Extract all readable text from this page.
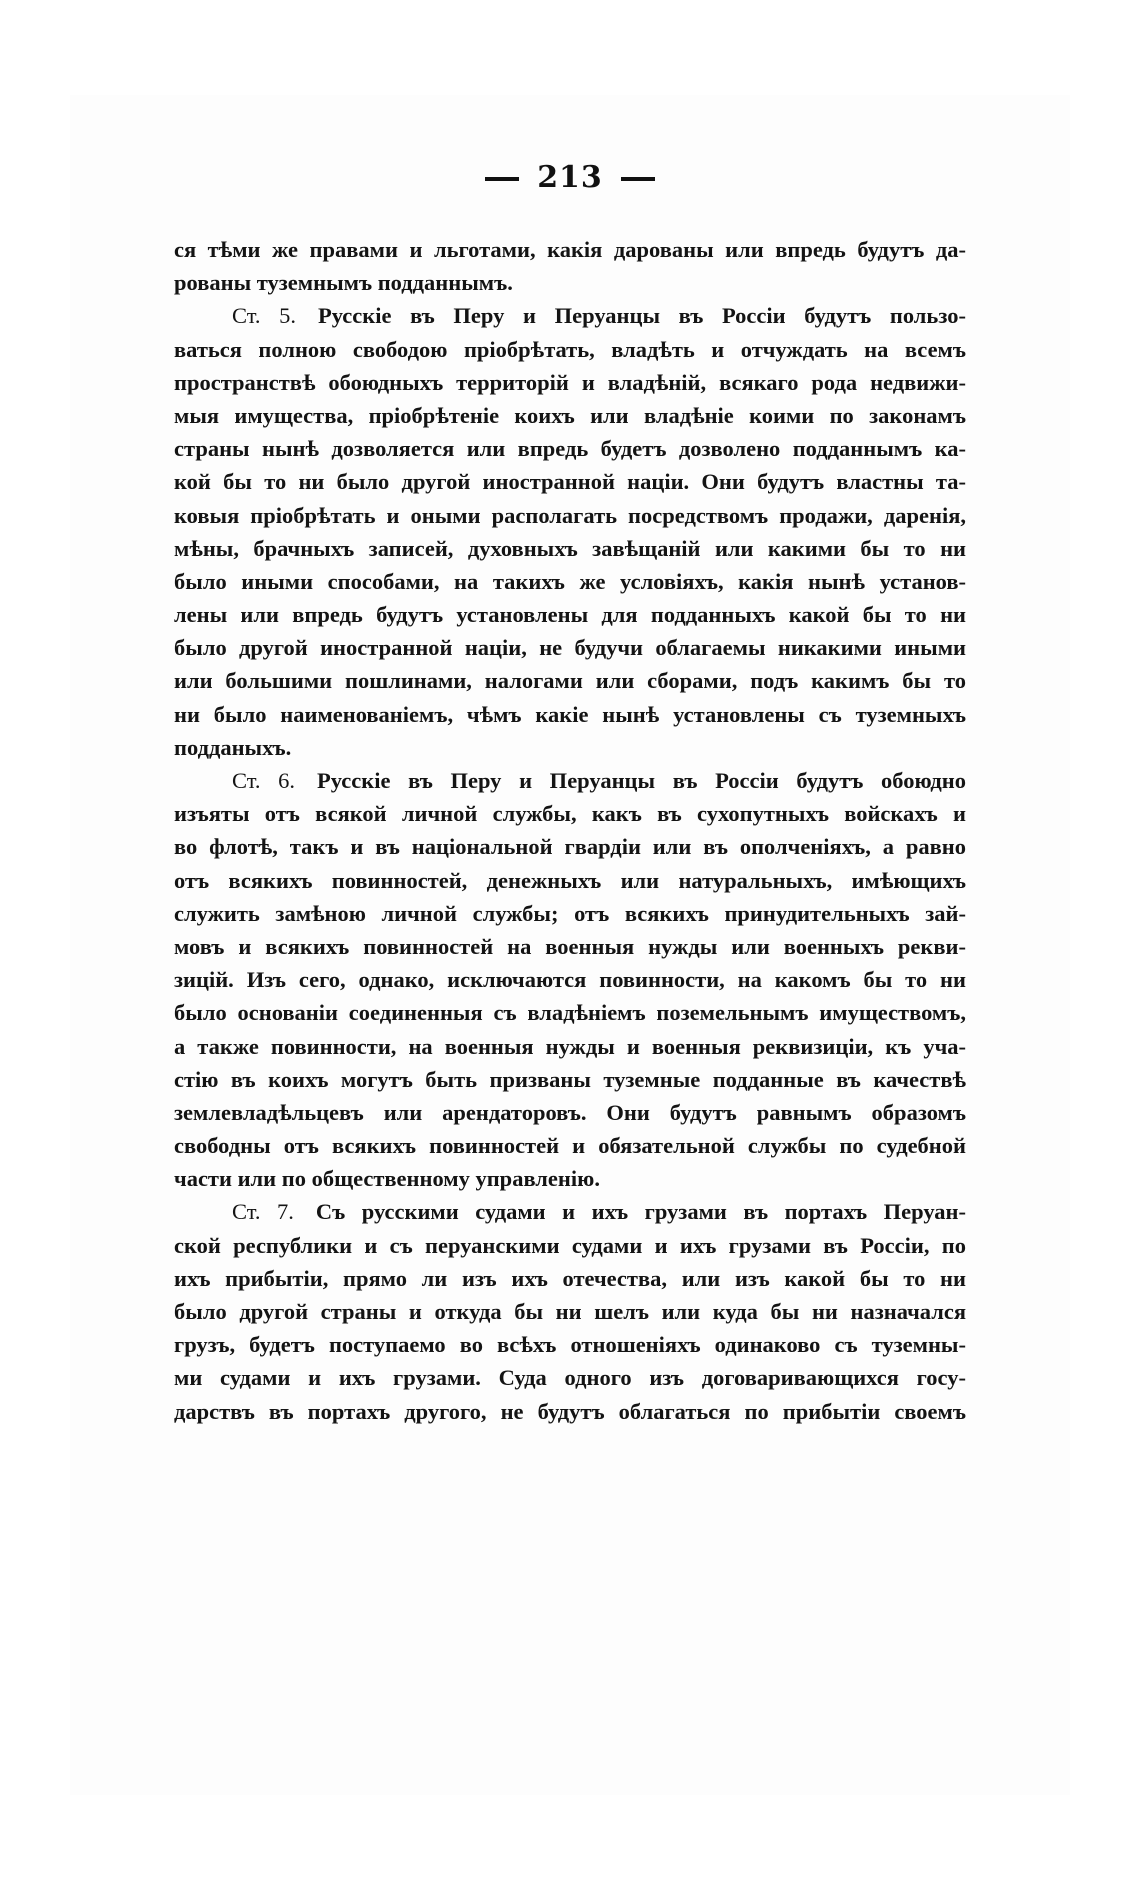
213
ся тѣми же правами и льготами, какія дарованы или впредь будутъ да-
рованы туземнымъ подданнымъ.
Ст. 5. Русскіе въ Перу и Перуанцы въ Россіи будутъ пользо-
ваться полною свободою пріобрѣтать, владѣть и отчуждать на всемъ
пространствѣ обоюдныхъ территорій и владѣній, всякаго рода недвижи-
мыя имущества, пріобрѣтеніе коихъ или владѣніе коими по законамъ
страны нынѣ дозволяется или впредь будетъ дозволено подданнымъ ка-
кой бы то ни было другой иностранной націи. Они будутъ властны та-
ковыя пріобрѣтать и оными располагать посредствомъ продажи, даренія,
мѣны, брачныхъ записей, духовныхъ завѣщаній или какими бы то ни
было иными способами, на такихъ же условіяхъ, какія нынѣ установ-
лены или впредь будутъ установлены для подданныхъ какой бы то ни
было другой иностранной націи, не будучи облагаемы никакими иными
или большими пошлинами, налогами или сборами, подъ какимъ бы то
ни было наименованіемъ, чѣмъ какіе нынѣ установлены съ туземныхъ
подданыхъ.
Ст. 6. Русскіе въ Перу и Перуанцы въ Россіи будутъ обоюдно
изъяты отъ всякой личной службы, какъ въ сухопутныхъ войскахъ и
во флотѣ, такъ и въ національной гвардіи или въ ополченіяхъ, а равно
отъ всякихъ повинностей, денежныхъ или натуральныхъ, имѣющихъ
служить замѣною личной службы; отъ всякихъ принудительныхъ зай-
мовъ и всякихъ повинностей на военныя нужды или военныхъ рекви-
зицій. Изъ сего, однако, исключаются повинности, на какомъ бы то ни
было основаніи соединенныя съ владѣніемъ поземельнымъ имуществомъ,
а также повинности, на военныя нужды и военныя реквизиціи, къ уча-
стію въ коихъ могутъ быть призваны туземные подданные въ качествѣ
землевладѣльцевъ или арендаторовъ. Они будутъ равнымъ образомъ
свободны отъ всякихъ повинностей и обязательной службы по судебной
части или по общественному управленію.
Ст. 7. Съ русскими судами и ихъ грузами въ портахъ Перуан-
ской республики и съ перуанскими судами и ихъ грузами въ Россіи, по
ихъ прибытіи, прямо ли изъ ихъ отечества, или изъ какой бы то ни
было другой страны и откуда бы ни шелъ или куда бы ни назначался
грузъ, будетъ поступаемо во всѣхъ отношеніяхъ одинаково съ туземны-
ми судами и ихъ грузами. Суда одного изъ договаривающихся госу-
дарствъ въ портахъ другого, не будутъ облагаться по прибытіи своемъ
